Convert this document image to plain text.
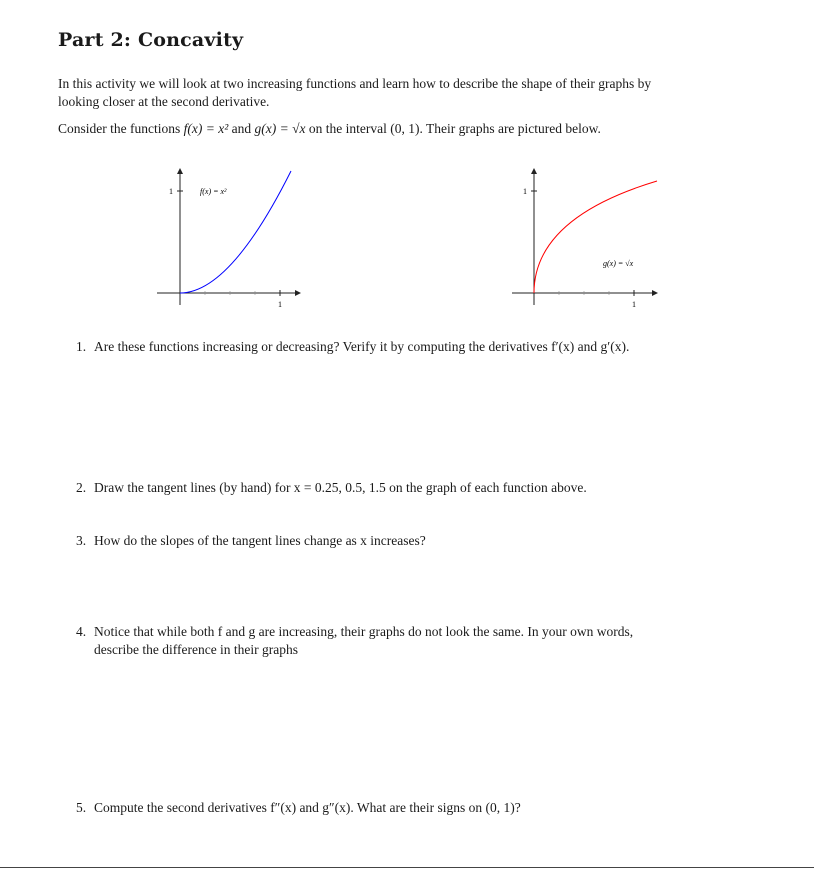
Part 2: Concavity
In this activity we will look at two increasing functions and learn how to describe the shape of their graphs by
looking closer at the second derivative.
Consider the functions f(x) = x² and g(x) = √x on the interval (0, 1). Their graphs are pictured below.
1
1
f(x) = x²	1
1
g(x) = √x
1. Are these functions increasing or decreasing? Verify it by computing the derivatives f′(x) and g′(x).
2. Draw the tangent lines (by hand) for x = 0.25, 0.5, 1.5 on the graph of each function above.
3. How do the slopes of the tangent lines change as x increases?
4. Notice that while both f and g are increasing, their graphs do not look the same. In your own words,
describe the difference in their graphs
5. Compute the second derivatives f″(x) and g″(x). What are their signs on (0, 1)?
